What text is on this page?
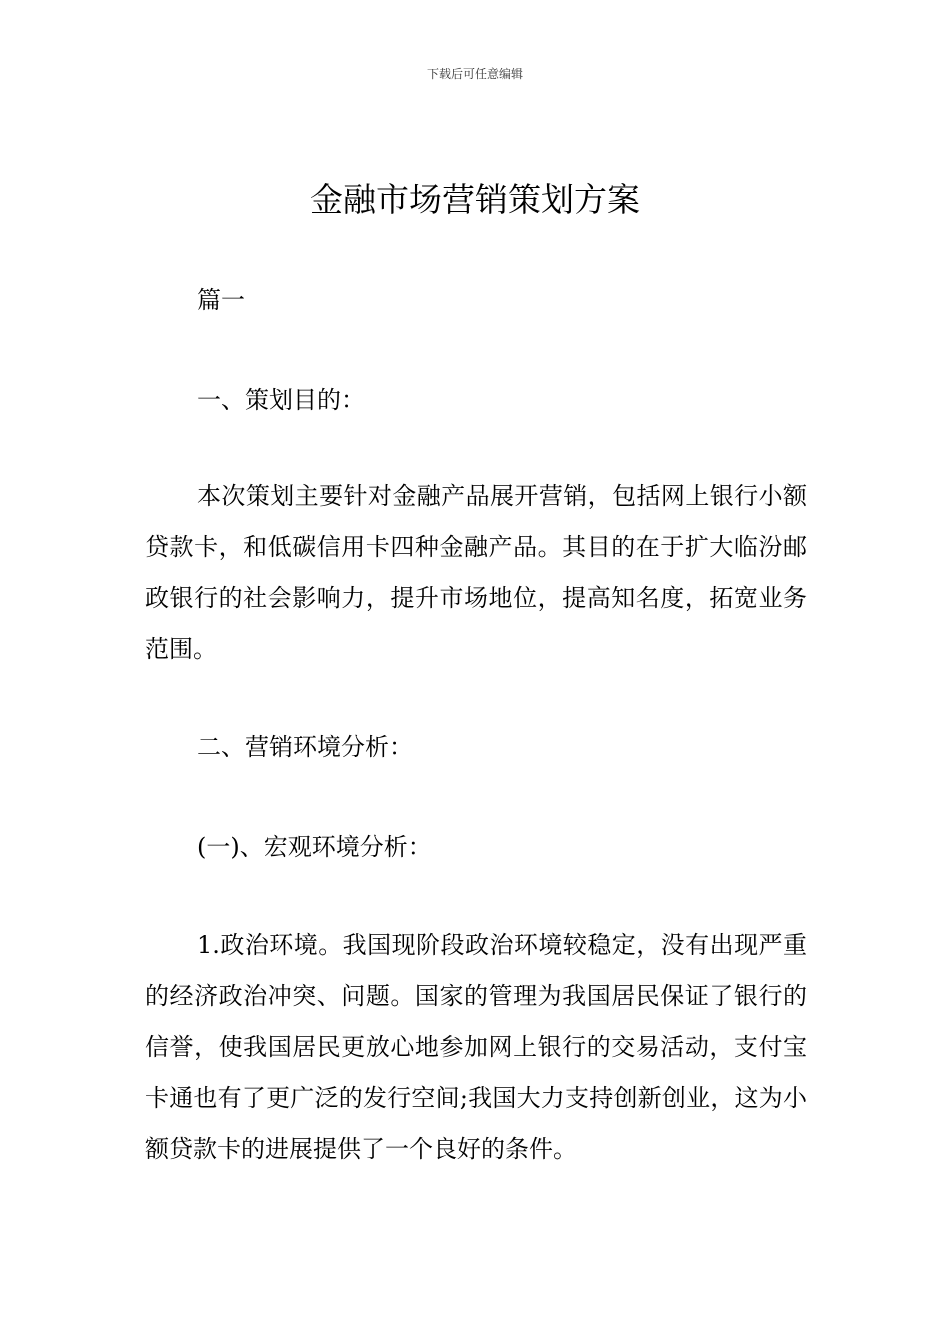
下载后可任意编辑
金融市场营销策划方案

篇一

一、策划目的：

本次策划主要针对金融产品展开营销，包括网上银行小额贷款卡，和低碳信用卡四种金融产品。其目的在于扩大临汾邮政银行的社会影响力，提升市场地位，提高知名度，拓宽业务范围。

二、营销环境分析：

(一)、宏观环境分析：

1.政治环境。我国现阶段政治环境较稳定，没有出现严重的经济政治冲突、问题。国家的管理为我国居民保证了银行的信誉，使我国居民更放心地参加网上银行的交易活动，支付宝卡通也有了更广泛的发行空间;我国大力支持创新创业，这为小额贷款卡的进展提供了一个良好的条件。
